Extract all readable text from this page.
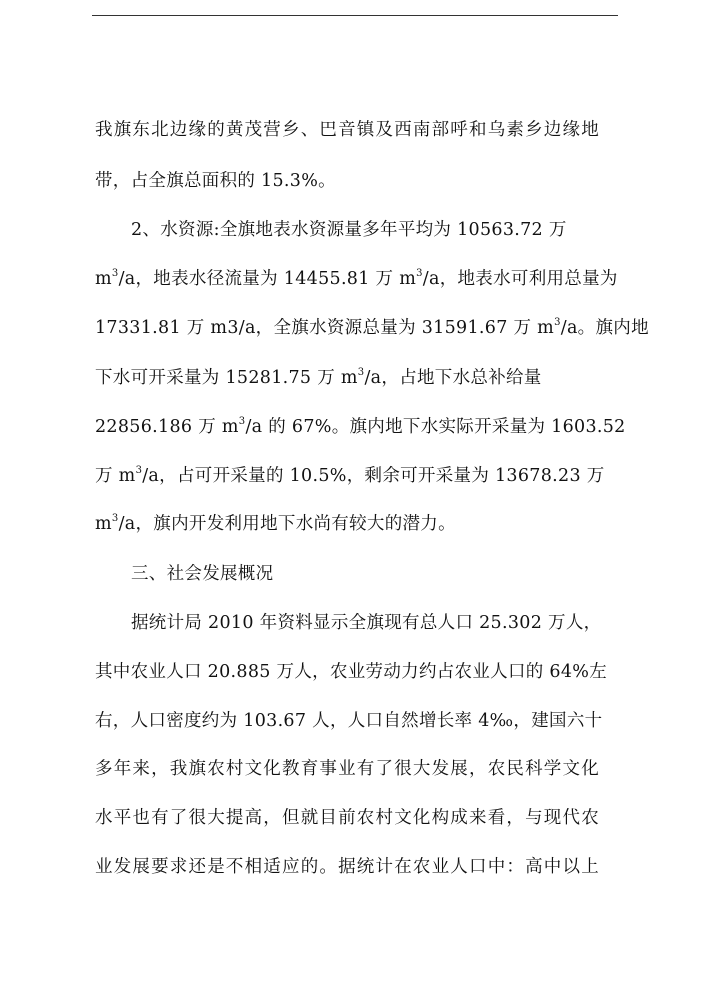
我旗东北边缘的黄茂营乡、巴音镇及西南部呼和乌素乡边缘地
带，占全旗总面积的 15.3%。
2、水资源:全旗地表水资源量多年平均为 10563.72 万
$m^3/a$，地表水径流量为 14455.81 万 $m^3/a$，地表水可利用总量为
17331.81 万 m3/a，全旗水资源总量为 31591.67 万 $m^3/a$。旗内地
下水可开采量为 15281.75 万 $m^3/a$，占地下水总补给量
22856.186 万 $m^3/a$ 的 67%。旗内地下水实际开采量为 1603.52
万 $m^3/a$，占可开采量的 10.5%，剩余可开采量为 13678.23 万
$m^3/a$，旗内开发利用地下水尚有较大的潜力。
三、社会发展概况
据统计局 2010 年资料显示全旗现有总人口 25.302 万人，
其中农业人口 20.885 万人，农业劳动力约占农业人口的 64%左
右，人口密度约为 103.67 人，人口自然增长率 4‰，建国六十
多年来，我旗农村文化教育事业有了很大发展，农民科学文化
水平也有了很大提高，但就目前农村文化构成来看，与现代农
业发展要求还是不相适应的。据统计在农业人口中：高中以上
